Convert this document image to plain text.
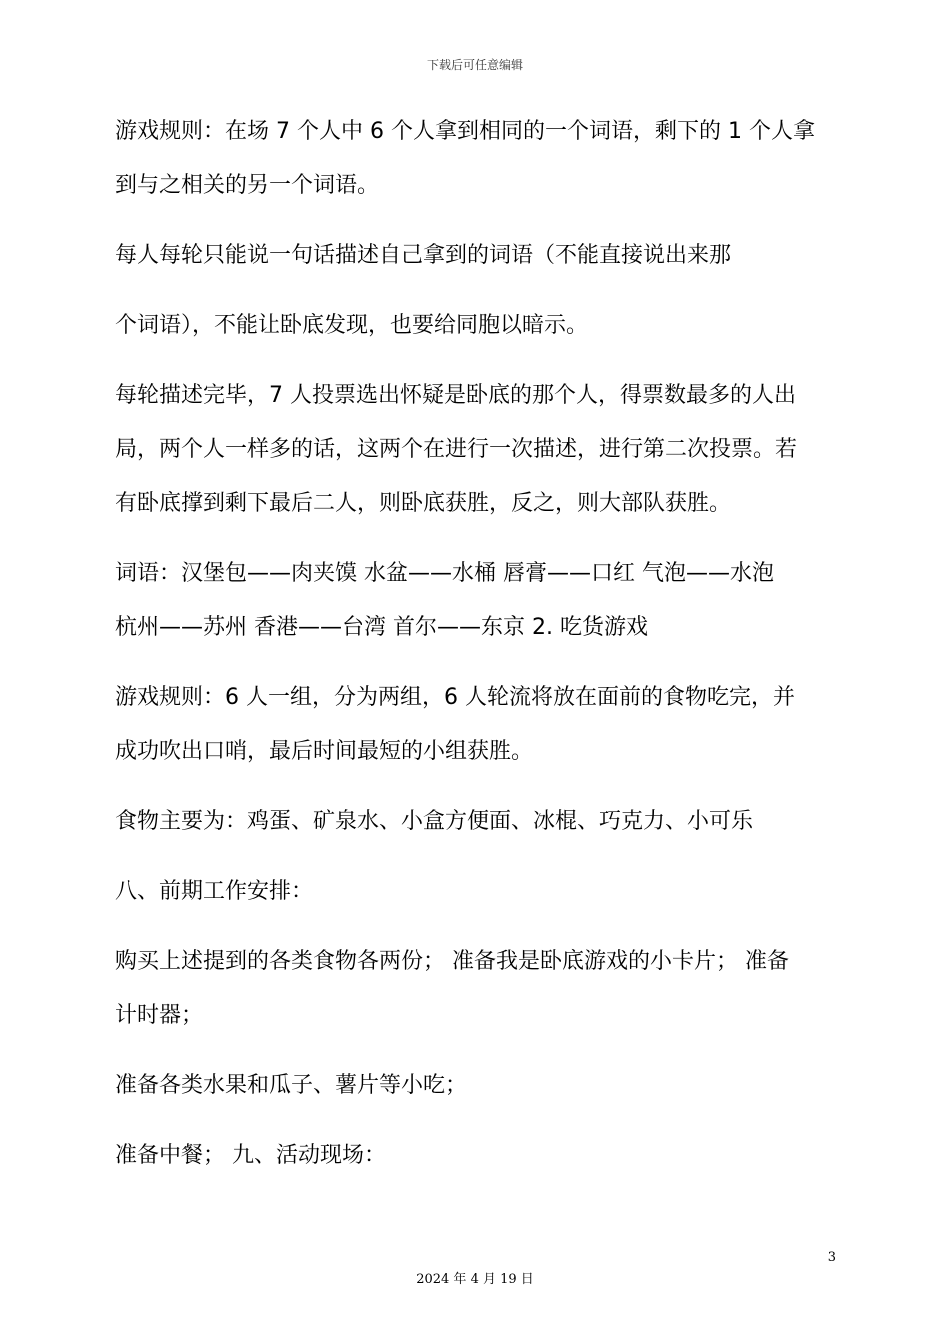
下载后可任意编辑
游戏规则：在场 7 个人中 6 个人拿到相同的一个词语，剩下的 1 个人拿
到与之相关的另一个词语。
每人每轮只能说一句话描述自己拿到的词语（不能直接说出来那
个词语），不能让卧底发现，也要给同胞以暗示。
每轮描述完毕，7 人投票选出怀疑是卧底的那个人，得票数最多的人出
局，两个人一样多的话，这两个在进行一次描述，进行第二次投票。若
有卧底撑到剩下最后二人，则卧底获胜，反之，则大部队获胜。
词语：汉堡包——肉夹馍 水盆——水桶 唇膏——口红 气泡——水泡
杭州——苏州 香港——台湾 首尔——东京 2. 吃货游戏
游戏规则：6 人一组，分为两组，6 人轮流将放在面前的食物吃完，并
成功吹出口哨，最后时间最短的小组获胜。
食物主要为：鸡蛋、矿泉水、小盒方便面、冰棍、巧克力、小可乐
八、前期工作安排：
购买上述提到的各类食物各两份； 准备我是卧底游戏的小卡片； 准备
计时器；
准备各类水果和瓜子、薯片等小吃；
准备中餐； 九、活动现场：
3
2024 年 4 月 19 日
